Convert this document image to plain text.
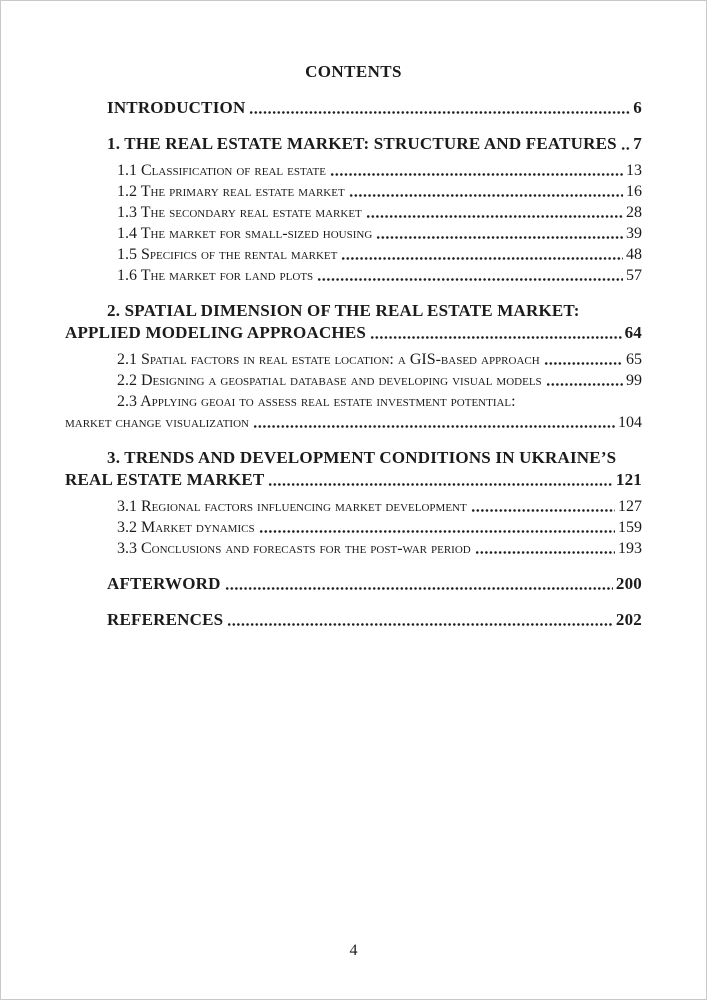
CONTENTS
INTRODUCTION	6
1. THE REAL ESTATE MARKET: STRUCTURE AND FEATURES 7
1.1 Classification of real estate	13
1.2 The primary real estate market	16
1.3 The secondary real estate market	28
1.4 The market for small-sized housing	39
1.5 Specifics of the rental market	48
1.6 The market for land plots	57
2. SPATIAL DIMENSION OF THE REAL ESTATE MARKET:
APPLIED MODELING APPROACHES	64
2.1 Spatial factors in real estate location: a GIS-based approach	65
2.2 Designing a geospatial database and developing visual models	99
2.3 Applying geoai to assess real estate investment potential:
market change visualization	104
3. TRENDS AND DEVELOPMENT CONDITIONS IN UKRAINE’S
REAL ESTATE MARKET	121
3.1 Regional factors influencing market development	127
3.2 Market dynamics	159
3.3 Conclusions and forecasts for the post-war period	193
AFTERWORD	200
REFERENCES	202
4
